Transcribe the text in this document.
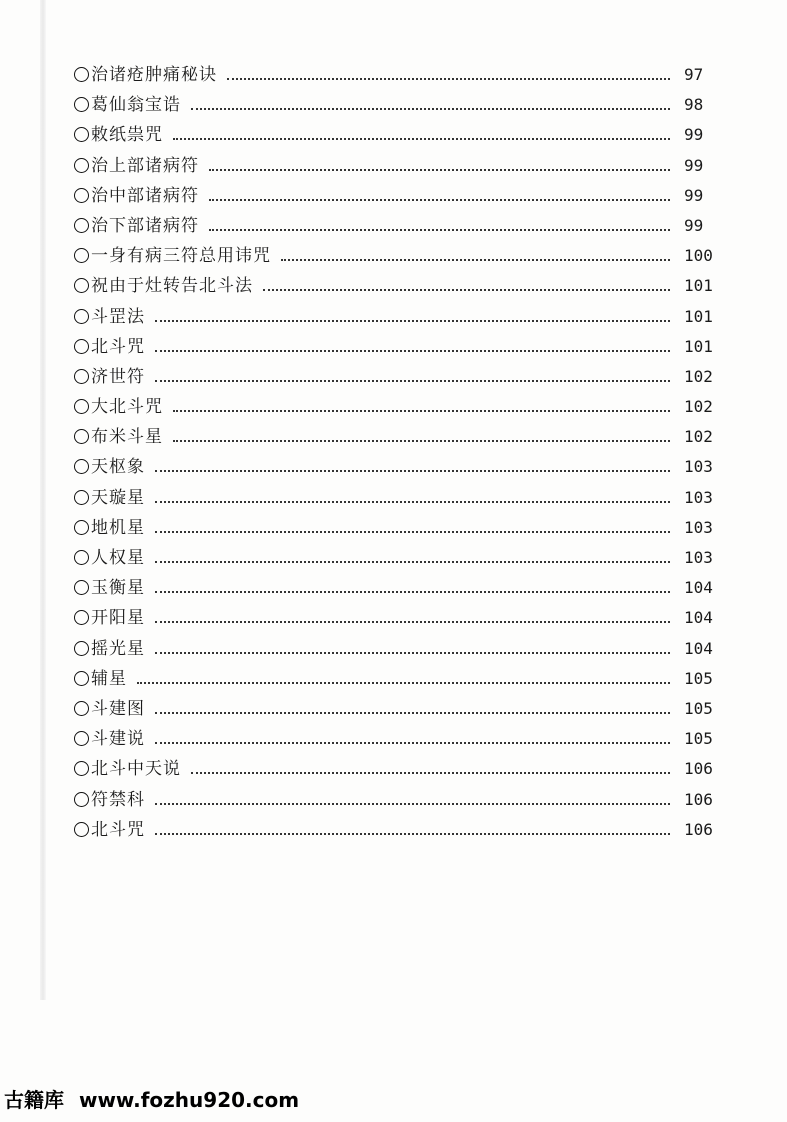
治诸疮肿痛秘诀	97
葛仙翁宝诰	98
敕纸祟咒	99
治上部诸病符	99
治中部诸病符	99
治下部诸病符	99
一身有病三符总用讳咒	100
祝由于灶转告北斗法	101
斗罡法	101
北斗咒	101
济世符	102
大北斗咒	102
布米斗星	102
天枢象	103
天璇星	103
地机星	103
人权星	103
玉衡星	104
开阳星	104
摇光星	104
辅星	105
斗建图	105
斗建说	105
北斗中天说	106
符禁科	106
北斗咒	106
古籍库 www.fozhu920.com
